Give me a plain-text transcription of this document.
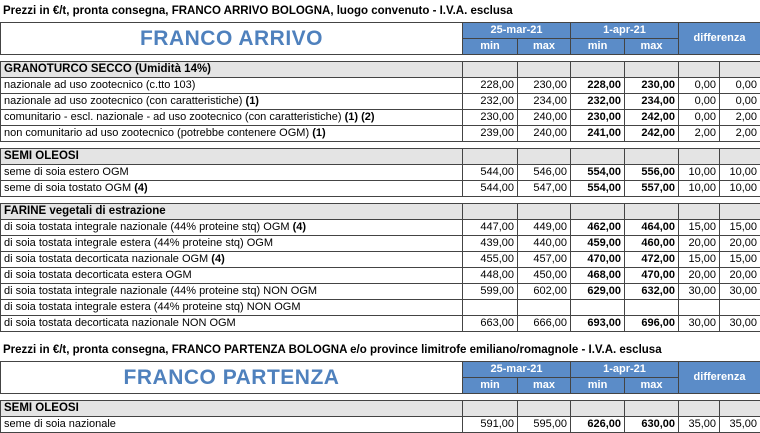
Prezzi in €/t, pronta consegna, FRANCO ARRIVO BOLOGNA, luogo convenuto - I.V.A. esclusa
FRANCO ARRIVO	25-mar-21		1-apr-21		differenza	
	min	max	min	max		

GRANOTURCO SECCO (Umidità 14%)						
nazionale ad uso zootecnico (c.tto 103)	228,00	230,00	228,00	230,00	0,00	0,00
nazionale ad uso zootecnico (con caratteristiche) (1)	232,00	234,00	232,00	234,00	0,00	0,00
comunitario - escl. nazionale - ad uso zootecnico (con caratteristiche) (1) (2)	230,00	240,00	230,00	242,00	0,00	2,00
non comunitario ad uso zootecnico (potrebbe contenere OGM) (1)	239,00	240,00	241,00	242,00	2,00	2,00

SEMI OLEOSI						
seme di soia estero OGM	544,00	546,00	554,00	556,00	10,00	10,00
seme di soia tostato OGM (4)	544,00	547,00	554,00	557,00	10,00	10,00

FARINE vegetali di estrazione						
di soia tostata integrale nazionale (44% proteine stq) OGM (4)	447,00	449,00	462,00	464,00	15,00	15,00
di soia tostata integrale estera (44% proteine stq) OGM	439,00	440,00	459,00	460,00	20,00	20,00
di soia tostata decorticata nazionale OGM (4)	455,00	457,00	470,00	472,00	15,00	15,00
di soia tostata decorticata estera OGM	448,00	450,00	468,00	470,00	20,00	20,00
di soia tostata integrale nazionale (44% proteine stq) NON OGM	599,00	602,00	629,00	632,00	30,00	30,00
di soia tostata integrale estera (44% proteine stq) NON OGM						
di soia tostata decorticata nazionale NON OGM	663,00	666,00	693,00	696,00	30,00	30,00
Prezzi in €/t, pronta consegna, FRANCO PARTENZA BOLOGNA e/o province limitrofe emiliano/romagnole - I.V.A. esclusa
FRANCO PARTENZA	25-mar-21		1-apr-21		differenza	
	min	max	min	max		

SEMI OLEOSI						
seme di soia nazionale	591,00	595,00	626,00	630,00	35,00	35,00
